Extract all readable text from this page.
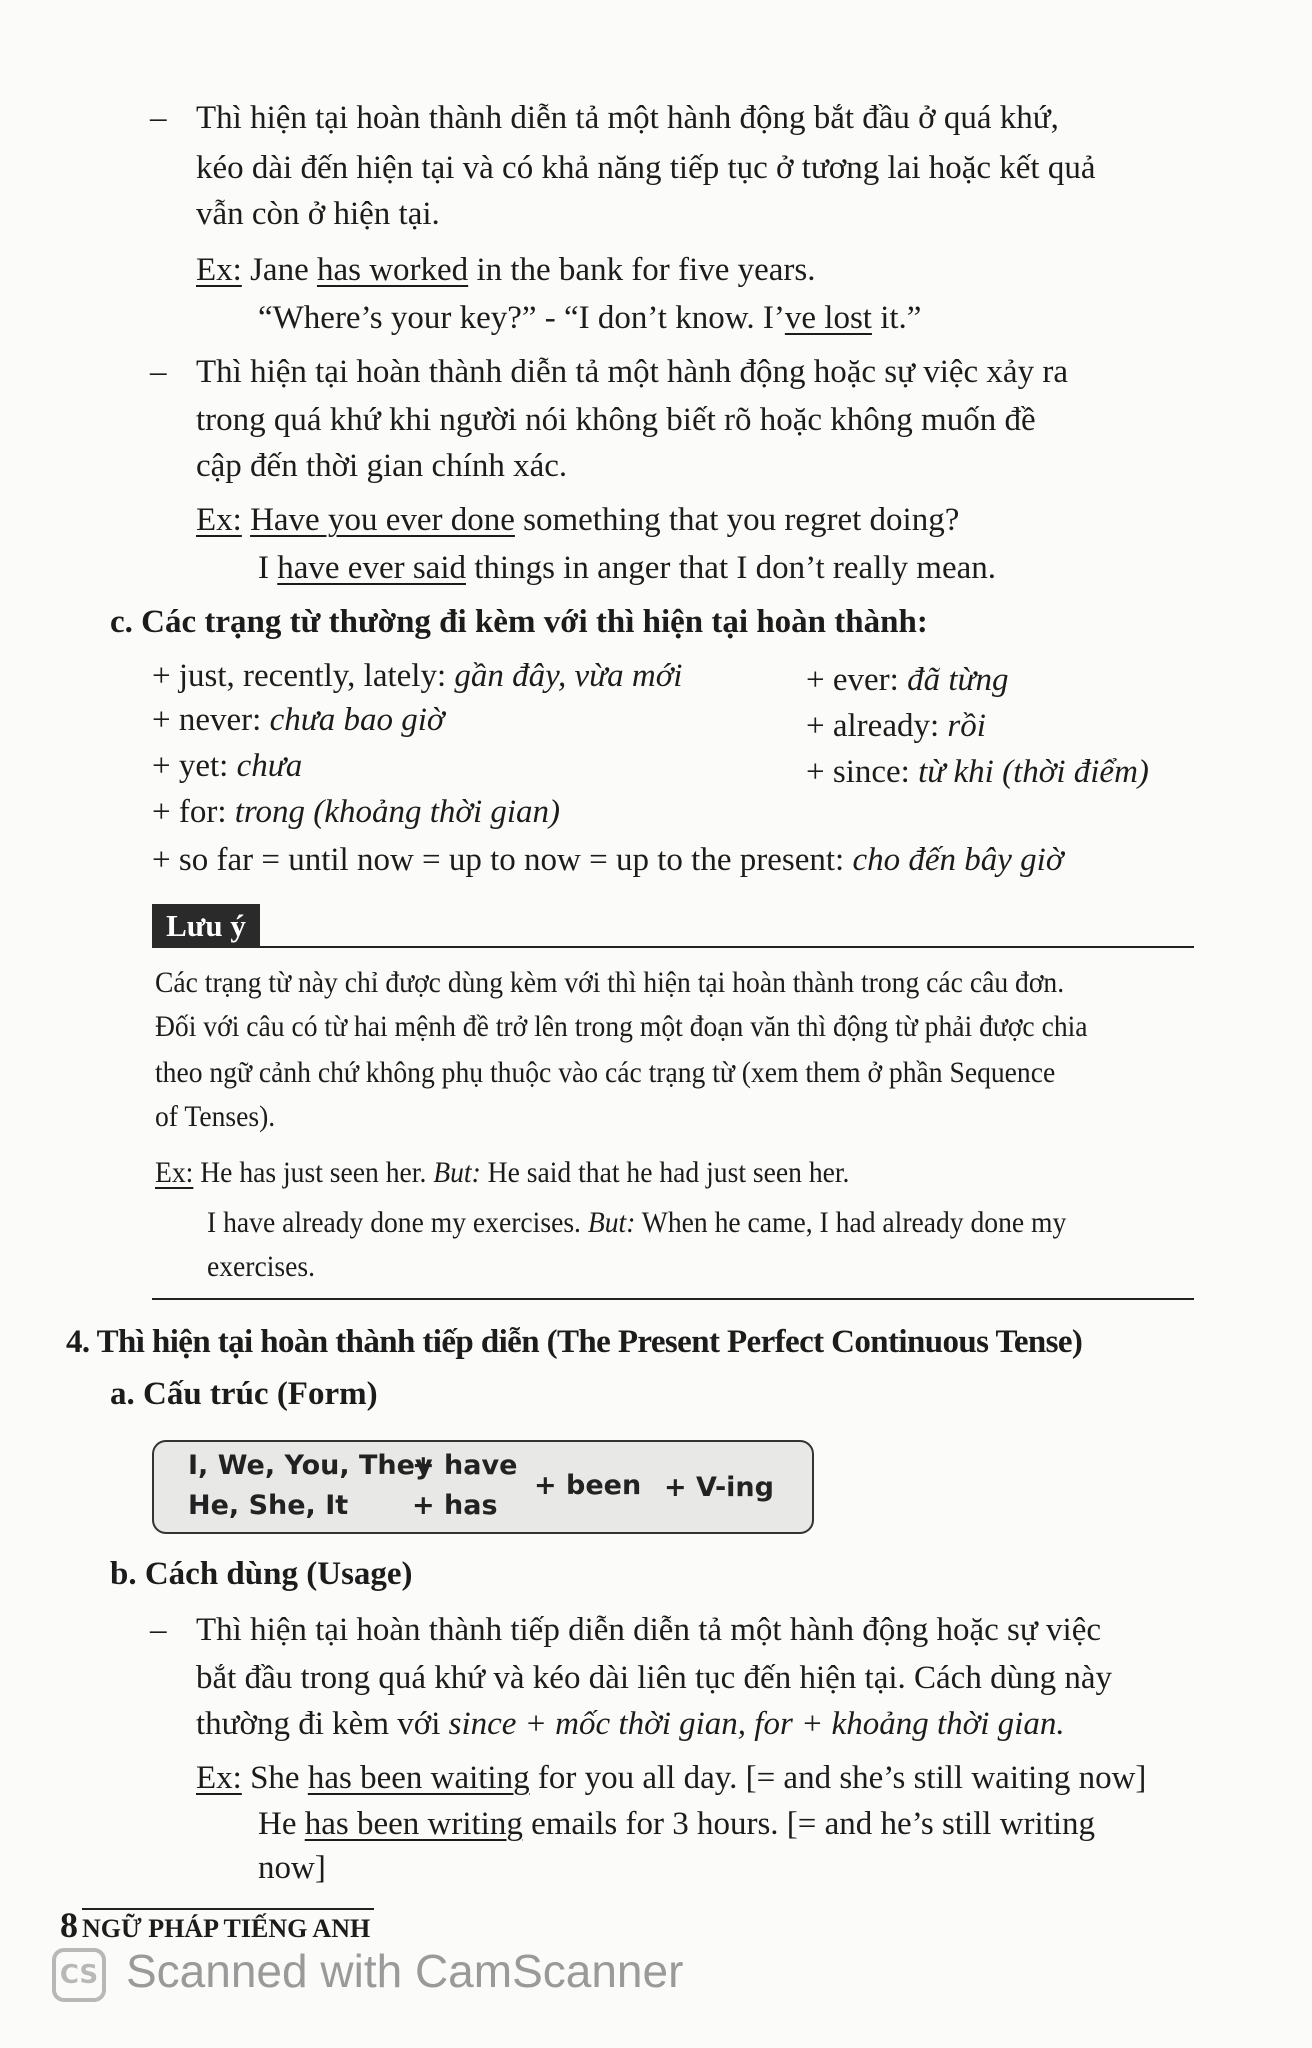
– Thì hiện tại hoàn thành diễn tả một hành động bắt đầu ở quá khứ,
kéo dài đến hiện tại và có khả năng tiếp tục ở tương lai hoặc kết quả
vẫn còn ở hiện tại.
Ex: Jane has worked in the bank for five years.
“Where’s your key?” - “I don’t know. I’ve lost it.”
– Thì hiện tại hoàn thành diễn tả một hành động hoặc sự việc xảy ra
trong quá khứ khi người nói không biết rõ hoặc không muốn đề
cập đến thời gian chính xác.
Ex: Have you ever done something that you regret doing?
I have ever said things in anger that I don’t really mean.
c. Các trạng từ thường đi kèm với thì hiện tại hoàn thành:
+ just, recently, lately: gần đây, vừa mới	+ ever: đã từng
+ never: chưa bao giờ	+ already: rồi
+ yet: chưa	+ since: từ khi (thời điểm)
+ for: trong (khoảng thời gian)
+ so far = until now = up to now = up to the present: cho đến bây giờ
Lưu ý
Các trạng từ này chỉ được dùng kèm với thì hiện tại hoàn thành trong các câu đơn.
Đối với câu có từ hai mệnh đề trở lên trong một đoạn văn thì động từ phải được chia
theo ngữ cảnh chứ không phụ thuộc vào các trạng từ (xem them ở phần Sequence
of Tenses).
Ex: He has just seen her. But: He said that he had just seen her.
I have already done my exercises. But: When he came, I had already done my
exercises.
4. Thì hiện tại hoàn thành tiếp diễn (The Present Perfect Continuous Tense)
a. Cấu trúc (Form)
I, We, You, They
+ have
He, She, It + has
+ been + V-ing
b. Cách dùng (Usage)
– Thì hiện tại hoàn thành tiếp diễn diễn tả một hành động hoặc sự việc
bắt đầu trong quá khứ và kéo dài liên tục đến hiện tại. Cách dùng này
thường đi kèm với since + mốc thời gian, for + khoảng thời gian.
Ex: She has been waiting for you all day. [= and she’s still waiting now]
He has been writing emails for 3 hours. [= and he’s still writing
now]
8 NGỮ PHÁP TIẾNG ANH
CS Scanned with CamScanner
